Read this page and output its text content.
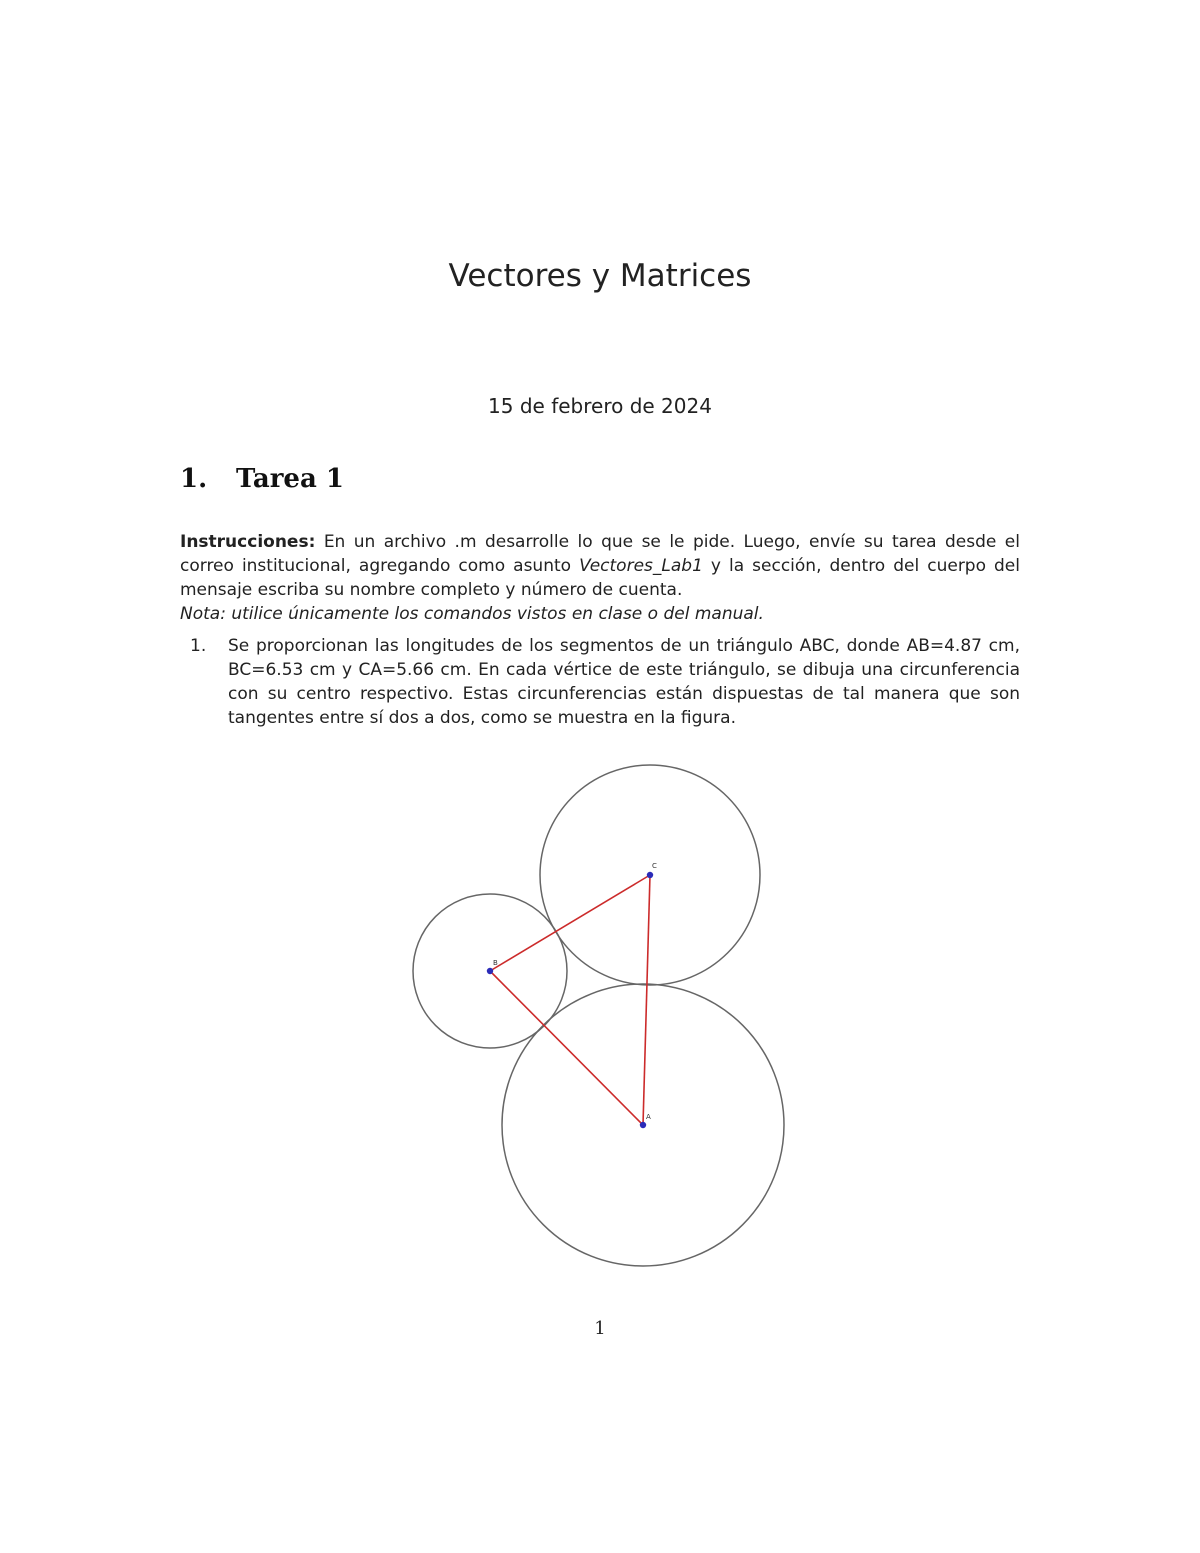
Vectores y Matrices
15 de febrero de 2024
1. Tarea 1

Instrucciones: En un archivo .m desarrolle lo que se le pide. Luego, envíe su tarea desde el correo institucional, agregando como asunto Vectores_Lab1 y la sección, dentro del cuerpo del mensaje escriba su nombre completo y número de cuenta.

Nota: utilice únicamente los comandos vistos en clase o del manual.

1. Se proporcionan las longitudes de los segmentos de un triángulo ABC, donde AB=4.87 cm, BC=6.53 cm y CA=5.66 cm. En cada vértice de este triángulo, se dibuja una circunferencia con su centro respectivo. Estas circunferencias están dispuestas de tal manera que son tangentes entre sí dos a dos, como se muestra en la figura.
A
B
C
1
